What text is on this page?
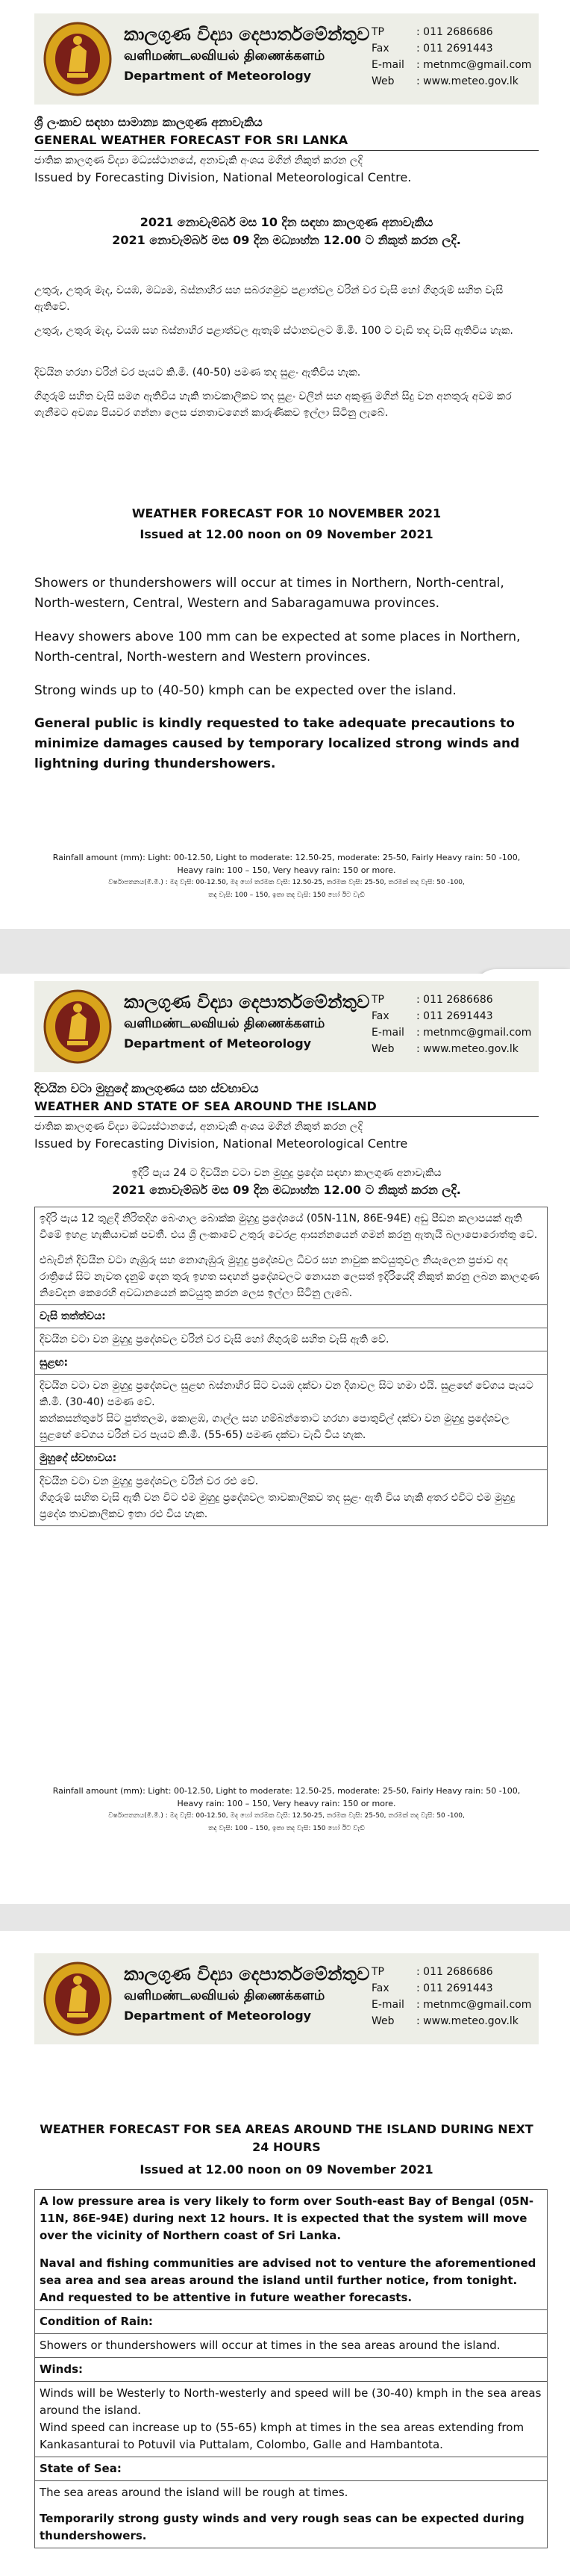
කාලගුණ විද්‍යා දෙපාර්තමේන්තුව
வளிமண்டலவியல் திணைக்களம்
Department of Meteorology
TP	: 011 2686686
Fax	: 011 2691443
E-mail : metnmc@gmail.com
Web : www.meteo.gov.lk
ශ්‍රී ලංකාව සඳහා සාමාන්‍ය කාලගුණ අනාවැකිය
GENERAL WEATHER FORECAST FOR SRI LANKA
ජාතික කාලගුණ විද්‍යා මධ්‍යස්ථානයේ, අනාවැකි අංශය මගින් නිකුත් කරන ලදි
Issued by Forecasting Division, National Meteorological Centre.
2021 නොවැම්බර් මස 10 දින සඳහා කාලගුණ අනාවැකිය
2021 නොවැම්බර් මස 09 දින මධ්‍යාහ්න 12.00 ට නිකුත් කරන ලදි.
උතුරු, උතුරු මැද, වයඹ, මධ්‍යම, බස්නාහිර සහ සබරගමුව පළාත්වල වරින් වර වැසි හෝ ගිගුරුම් සහිත වැසි ඇතිවේ.
උතුරු, උතුරු මැද, වයඹ සහ බස්නාහිර පළාත්වල ඇතැම් ස්ථානවලට මි.මී. 100 ට වැඩි තද වැසි ඇතිවිය හැක.
දිවයින හරහා වරින් වර පැයට කි.මී. (40-50) පමණ තද සුළං ඇතිවිය හැක.
ගිගුරුම් සහිත වැසි සමග ඇතිවිය හැකි තාවකාලිකව තද සුළං වලින් සහ අකුණු මගින් සිදු වන අනතුරු අවම කර ගැනීමට අවශ්‍ය පියවර ගන්නා ලෙස ජනතාවගෙන් කාරුණිකව ඉල්ලා සිටිනු ලැබේ.
WEATHER FORECAST FOR 10 NOVEMBER 2021
Issued at 12.00 noon on 09 November 2021
Showers or thundershowers will occur at times in Northern, North-central, North-western, Central, Western and Sabaragamuwa provinces.
Heavy showers above 100 mm can be expected at some places in Northern, North-central, North-western and Western provinces.
Strong winds up to (40-50) kmph can be expected over the island.
General public is kindly requested to take adequate precautions to minimize damages caused by temporary localized strong winds and lightning during thundershowers.
Rainfall amount (mm): Light: 00-12.50, Light to moderate: 12.50-25, moderate: 25-50, Fairly Heavy rain: 50 -100,
Heavy rain: 100 – 150, Very heavy rain: 150 or more.
වර්ෂාපතනය(මි.මී.) : මද වැසි: 00-12.50, මද හෝ තරමක වැසි: 12.50-25, තරමක වැසි: 25-50, තරමක් තද වැසි: 50 -100,
තද වැසි: 100 – 150, ඉතා තද වැසි: 150 හෝ ඊට වැඩි
කාලගුණ විද්‍යා දෙපාර්තමේන්තුව
வளிமண்டலவியல் திணைக்களம்
Department of Meteorology
TP	: 011 2686686
Fax	: 011 2691443
E-mail : metnmc@gmail.com
Web : www.meteo.gov.lk
දිවයින වටා මුහුදේ කාලගුණය සහ ස්වභාවය
WEATHER AND STATE OF SEA AROUND THE ISLAND
ජාතික කාලගුණ විද්‍යා මධ්‍යස්ථානයේ, අනාවැකි අංශය මගින් නිකුත් කරන ලදි
Issued by Forecasting Division, National Meteorological Centre
ඉදිරි පැය 24 ට දිවයින වටා වන මුහුදු ප්‍රදේශ සඳහා කාලගුණ අනාවැකිය
2021 නොවැම්බර් මස 09 දින මධ්‍යාහ්න 12.00 ට නිකුත් කරන ලදි.

ඉදිරි පැය 12 තුළදී නිරිතදිග බෙංගාල බොක්ක මුහුදු ප්‍රදේශයේ (05N-11N, 86E-94E) අඩු පීඩන කලාපයක් ඇති වීමේ ඉහළ හැකියාවක් පවතී. එය ශ්‍රී ලංකාවේ උතුරු වෙරළ ආසන්නයෙන් ගමන් කරනු ඇතැයි බලාපොරොත්තු වේ.

එබැවින් දිවයින වටා ගැඹුරු සහ නොගැඹුරු මුහුදු ප්‍රදේශවල ධීවර සහ නාවුක කටයුතුවල නියැලෙන ප්‍රජාව අද රාත්‍රියේ සිට නැවත දැනුම් දෙන තුරු ඉහත සඳහන් ප්‍රදේශවලට නොයන ලෙසත් ඉදිරියේදී නිකුත් කරනු ලබන කාලගුණ නිවේදන කෙරෙහි අවධානයෙන් කටයුතු කරන ලෙස ඉල්ලා සිටිනු ලැබේ.

වැසි තත්ත්වය:
දිවයින වටා වන මුහුදු ප්‍රදේශවල වරින් වර වැසි හෝ ගිගුරුම් සහිත වැසි ඇති වේ.
සුළඟ:

දිවයින වටා වන මුහුදු ප්‍රදේශවල සුළඟ බස්නාහිර සිට වයඹ දක්වා වන දිශාවල සිට හමා එයි. සුළඟේ වේගය පැයට කි.මී. (30-40) පමණ වේ.

කන්කසන්තුරේ සිට පුත්තලම, කොළඹ, ගාල්ල සහ හම්බන්තොට හරහා පොතුවිල් දක්වා වන මුහුදු ප්‍රදේශවල සුළඟේ වේගය වරින් වර පැයට කි.මී. (55-65) පමණ දක්වා වැඩි විය හැක.

මුහුදේ ස්වභාවය:

දිවයින වටා වන මුහුදු ප්‍රදේශවල වරින් වර රළු වේ.

ගිගුරුම් සහිත වැසි ඇති වන විට එම මුහුදු ප්‍රදේශවල තාවකාලිකව තද සුළං ඇති විය හැකි අතර එවිට එම මුහුදු ප්‍රදේශ තාවකාලිකව ඉතා රළු විය හැක.

Rainfall amount (mm): Light: 00-12.50, Light to moderate: 12.50-25, moderate: 25-50, Fairly Heavy rain: 50 -100,
Heavy rain: 100 – 150, Very heavy rain: 150 or more.
වර්ෂාපතනය(මි.මී.) : මද වැසි: 00-12.50, මද හෝ තරමක වැසි: 12.50-25, තරමක වැසි: 25-50, තරමක් තද වැසි: 50 -100,
තද වැසි: 100 – 150, ඉතා තද වැසි: 150 හෝ ඊට වැඩි
කාලගුණ විද්‍යා දෙපාර්තමේන්තුව
வளிமண்டலவியல் திணைக்களம்
Department of Meteorology
TP	: 011 2686686
Fax	: 011 2691443
E-mail : metnmc@gmail.com
Web : www.meteo.gov.lk
WEATHER FORECAST FOR SEA AREAS AROUND THE ISLAND DURING NEXT 24 HOURS
Issued at 12.00 noon on 09 November 2021

A low pressure area is very likely to form over South-east Bay of Bengal (05N-11N, 86E-94E) during next 12 hours. It is expected that the system will move over the vicinity of Northern coast of Sri Lanka.

Naval and fishing communities are advised not to venture the aforementioned sea area and sea areas around the island until further notice, from tonight. And requested to be attentive in future weather forecasts.

Condition of Rain:
Showers or thundershowers will occur at times in the sea areas around the island.
Winds:

Winds will be Westerly to North-westerly and speed will be (30-40) kmph in the sea areas around the island.

Wind speed can increase up to (55-65) kmph at times in the sea areas extending from Kankasanturai to Potuvil via Puttalam, Colombo, Galle and Hambantota.

State of Sea:

The sea areas around the island will be rough at times.

Temporarily strong gusty winds and very rough seas can be expected during thundershowers.
